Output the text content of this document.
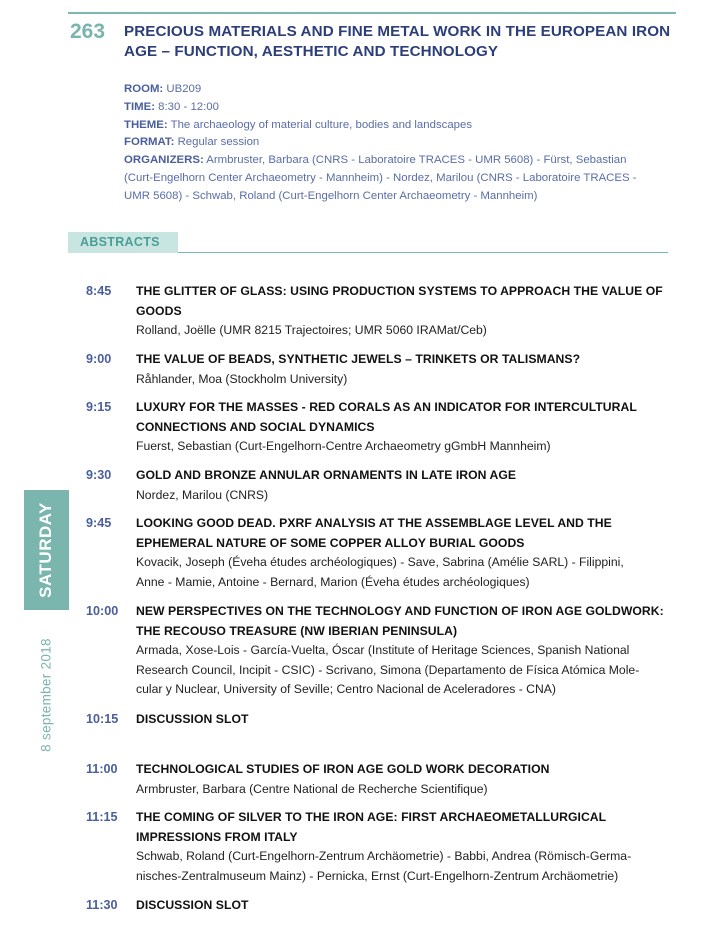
263 PRECIOUS MATERIALS AND FINE METAL WORK IN THE EUROPEAN IRON AGE – FUNCTION, AESTHETIC AND TECHNOLOGY
ROOM: UB209
TIME: 8:30 - 12:00
THEME: The archaeology of material culture, bodies and landscapes
FORMAT: Regular session
ORGANIZERS: Armbruster, Barbara (CNRS - Laboratoire TRACES - UMR 5608) - Fürst, Sebastian
(Curt-Engelhorn Center Archaeometry - Mannheim) - Nordez, Marilou (CNRS - Laboratoire TRACES -
UMR 5608) - Schwab, Roland (Curt-Engelhorn Center Archaeometry - Mannheim)
ABSTRACTS
SATURDAY
8 september 2018
8:45 THE GLITTER OF GLASS: USING PRODUCTION SYSTEMS TO APPROACH THE VALUE OF
GOODS
Rolland, Joëlle (UMR 8215 Trajectoires; UMR 5060 IRAMat/Ceb)
9:00 THE VALUE OF BEADS, SYNTHETIC JEWELS – TRINKETS OR TALISMANS?
Råhlander, Moa (Stockholm University)
9:15 LUXURY FOR THE MASSES - RED CORALS AS AN INDICATOR FOR INTERCULTURAL
CONNECTIONS AND SOCIAL DYNAMICS
Fuerst, Sebastian (Curt-Engelhorn-Centre Archaeometry gGmbH Mannheim)
9:30 GOLD AND BRONZE ANNULAR ORNAMENTS IN LATE IRON AGE
Nordez, Marilou (CNRS)
9:45 LOOKING GOOD DEAD. PXRF ANALYSIS AT THE ASSEMBLAGE LEVEL AND THE
EPHEMERAL NATURE OF SOME COPPER ALLOY BURIAL GOODS
Kovacik, Joseph (Éveha études archéologiques) - Save, Sabrina (Amélie SARL) - Filippini,
Anne - Mamie, Antoine - Bernard, Marion (Éveha études archéologiques)
10:00 NEW PERSPECTIVES ON THE TECHNOLOGY AND FUNCTION OF IRON AGE GOLDWORK:
THE RECOUSO TREASURE (NW IBERIAN PENINSULA)
Armada, Xose-Lois - García-Vuelta, Óscar (Institute of Heritage Sciences, Spanish National
Research Council, Incipit - CSIC) - Scrivano, Simona (Departamento de Física Atómica Mole-
cular y Nuclear, University of Seville; Centro Nacional de Aceleradores - CNA)
10:15 DISCUSSION SLOT
11:00 TECHNOLOGICAL STUDIES OF IRON AGE GOLD WORK DECORATION
Armbruster, Barbara (Centre National de Recherche Scientifique)
11:15 THE COMING OF SILVER TO THE IRON AGE: FIRST ARCHAEOMETALLURGICAL
IMPRESSIONS FROM ITALY
Schwab, Roland (Curt-Engelhorn-Zentrum Archäometrie) - Babbi, Andrea (Römisch-Germa-
nisches-Zentralmuseum Mainz) - Pernicka, Ernst (Curt-Engelhorn-Zentrum Archäometrie)
11:30 DISCUSSION SLOT
